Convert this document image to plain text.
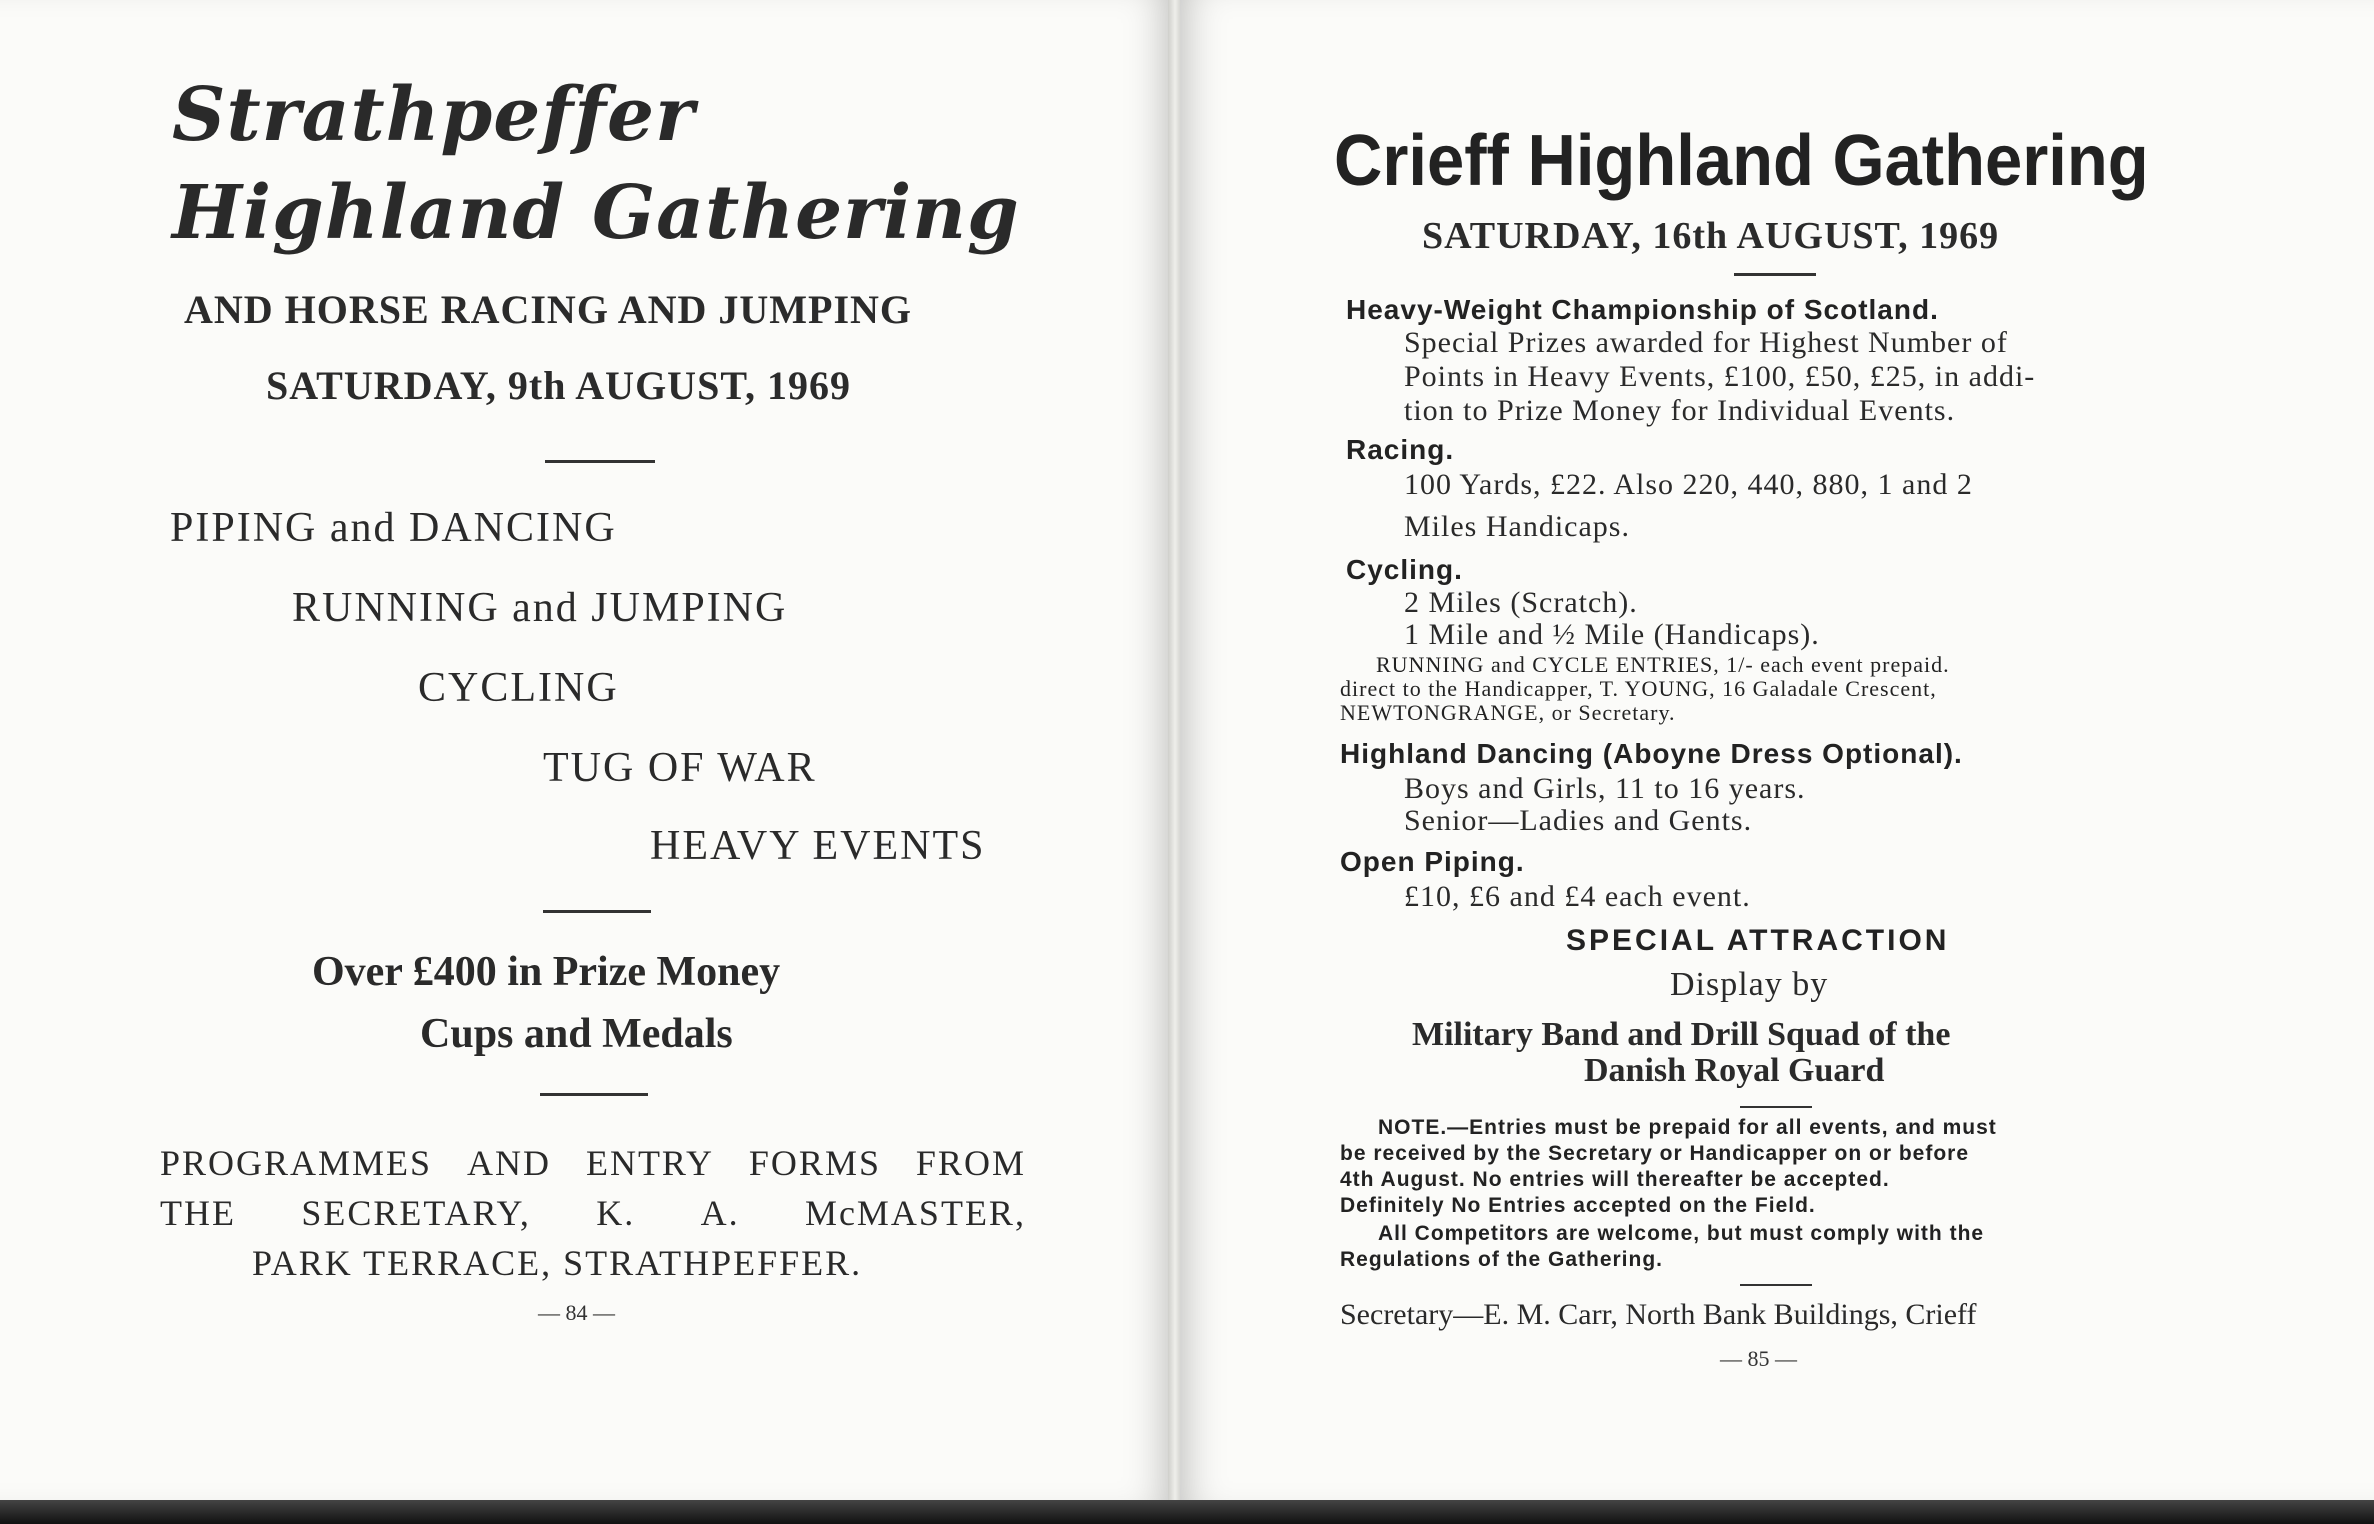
Strathpeffer
Highland Gathering
AND HORSE RACING AND JUMPING
SATURDAY, 9th AUGUST, 1969
PIPING and DANCING
RUNNING and JUMPING
CYCLING
TUG OF WAR
HEAVY EVENTS
Over £400 in Prize Money
Cups and Medals
PROGRAMMES AND ENTRY FORMS FROM
THE SECRETARY, K. A. McMASTER,
PARK TERRACE, STRATHPEFFER.
— 84 —
Crieff Highland Gathering
SATURDAY, 16th AUGUST, 1969
Heavy-Weight Championship of Scotland.
Special Prizes awarded for Highest Number of
Points in Heavy Events, £100, £50, £25, in addi-
tion to Prize Money for Individual Events.
Racing.
100 Yards, £22. Also 220, 440, 880, 1 and 2
Miles Handicaps.
Cycling.
2 Miles (Scratch).
1 Mile and ½ Mile (Handicaps).
RUNNING and CYCLE ENTRIES, 1/- each event prepaid.
direct to the Handicapper, T. YOUNG, 16 Galadale Crescent,
NEWTONGRANGE, or Secretary.
Highland Dancing (Aboyne Dress Optional).
Boys and Girls, 11 to 16 years.
Senior—Ladies and Gents.
Open Piping.
£10, £6 and £4 each event.
SPECIAL ATTRACTION
Display by
Military Band and Drill Squad of the
Danish Royal Guard
NOTE.—Entries must be prepaid for all events, and must
be received by the Secretary or Handicapper on or before
4th August. No entries will thereafter be accepted.
Definitely No Entries accepted on the Field.
All Competitors are welcome, but must comply with the
Regulations of the Gathering.
Secretary—E. M. Carr, North Bank Buildings, Crieff
— 85 —
